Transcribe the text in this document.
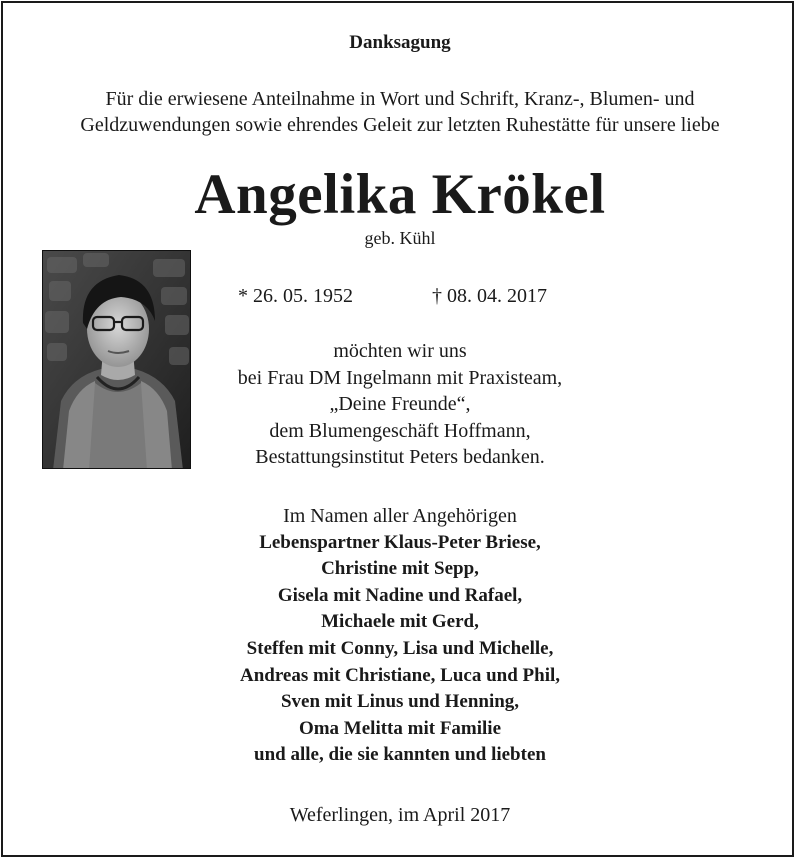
Danksagung

Für die erwiesene Anteilnahme in Wort und Schrift, Kranz-, Blumen- und

Geldzuwendungen sowie ehrendes Geleit zur letzten Ruhestätte für unsere liebe

Angelika Krökel

geb. Kühl

* 26. 05. 1952	† 08. 04. 2017
möchten wir uns
bei Frau DM Ingelmann mit Praxisteam,
„Deine Freunde“,
dem Blumengeschäft Hoffmann,
Bestattungsinstitut Peters bedanken.
Im Namen aller Angehörigen
Lebenspartner Klaus-Peter Briese,
Christine mit Sepp,
Gisela mit Nadine und Rafael,
Michaele mit Gerd,
Steffen mit Conny, Lisa und Michelle,
Andreas mit Christiane, Luca und Phil,
Sven mit Linus und Henning,
Oma Melitta mit Familie
und alle, die sie kannten und liebten

Weferlingen, im April 2017
